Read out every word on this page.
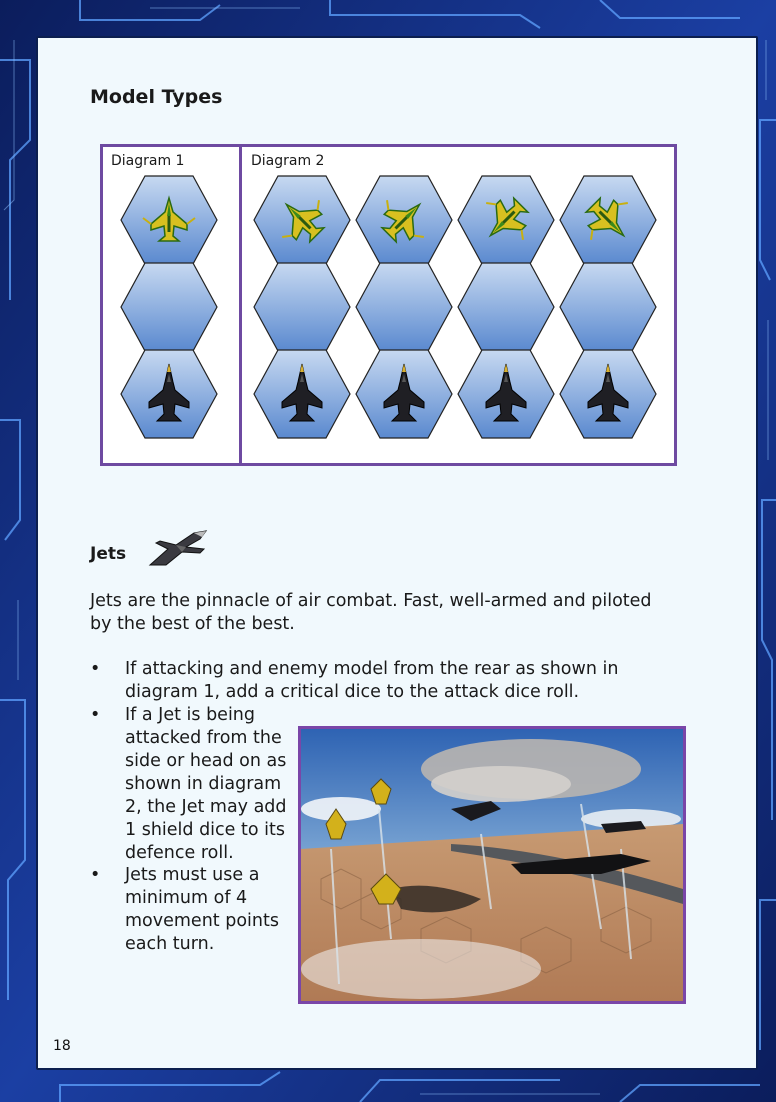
Model Types
Diagram 1	Diagram 2
Jets
Jets are the pinnacle of air combat. Fast, well-armed and piloted
by the best of the best.
• If attacking and enemy model from the rear as shown in
diagram 1, add a critical dice to the attack dice roll.
• If a Jet is being
attacked from the
side or head on as
shown in diagram
2, the Jet may add
1 shield dice to its
defence roll.
• Jets must use a
minimum of 4
movement points
each turn.
18
